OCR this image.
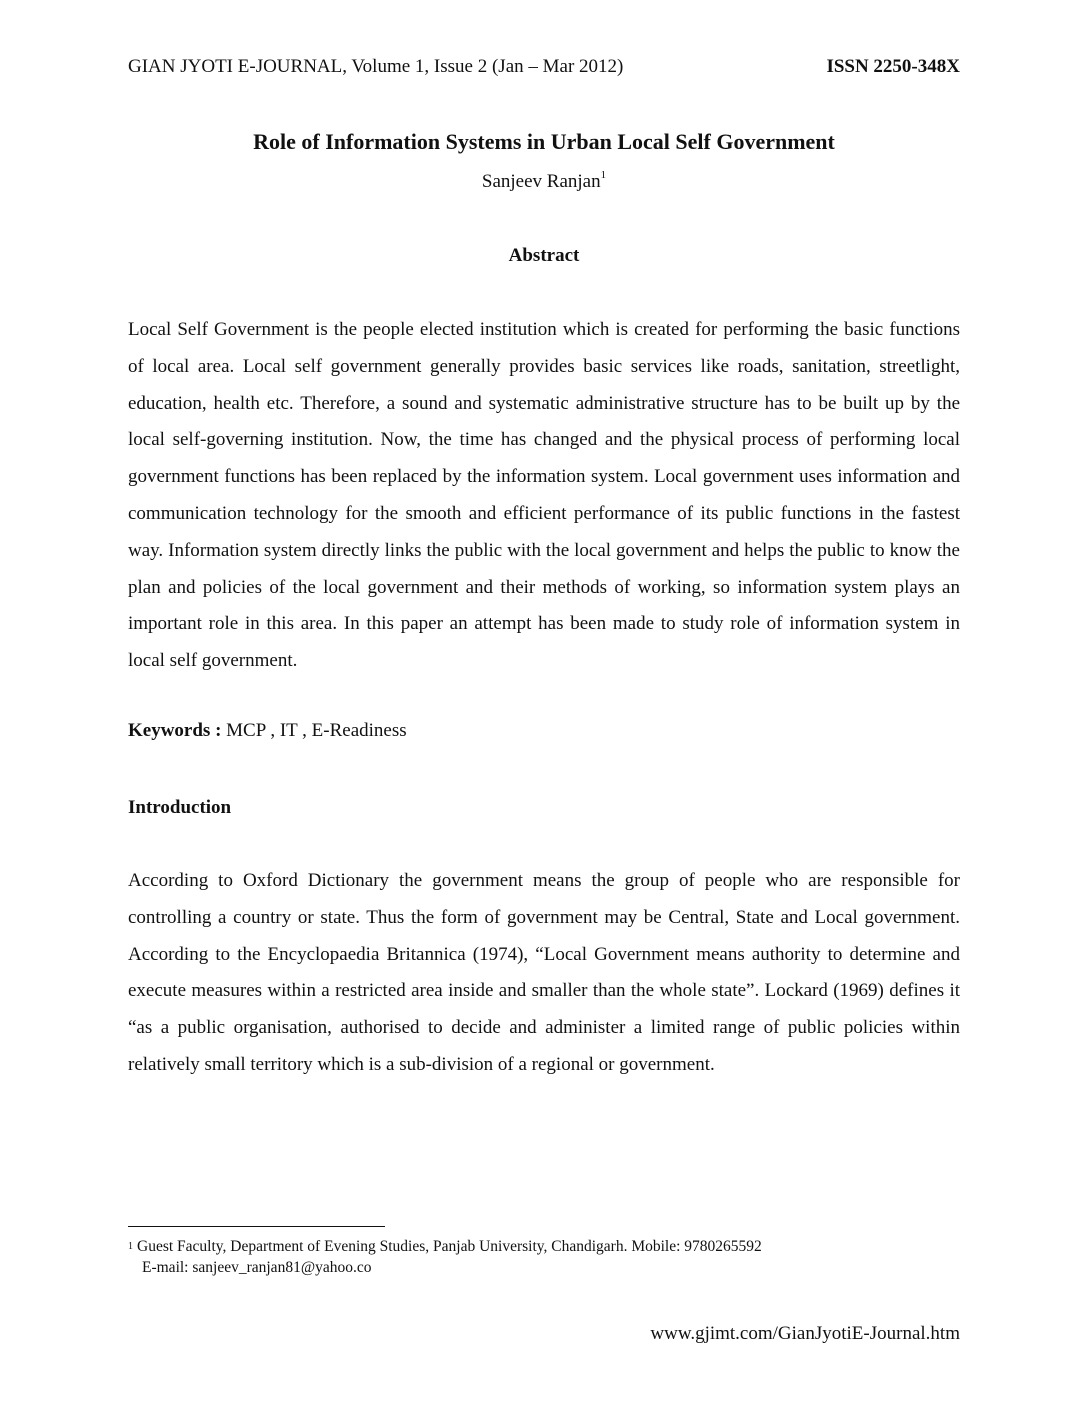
GIAN JYOTI E-JOURNAL, Volume 1, Issue 2 (Jan – Mar 2012)	ISSN 2250-348X
Role of Information Systems in Urban Local Self Government
Sanjeev Ranjan$^1$
Abstract

Local Self Government is the people elected institution which is created for performing the basic functions of local area. Local self government generally provides basic services like roads, sanitation, streetlight, education, health etc. Therefore, a sound and systematic administrative structure has to be built up by the local self-governing institution. Now, the time has changed and the physical process of performing local government functions has been replaced by the information system. Local government uses information and communication technology for the smooth and efficient performance of its public functions in the fastest way. Information system directly links the public with the local government and helps the public to know the plan and policies of the local government and their methods of working, so information system plays an important role in this area. In this paper an attempt has been made to study role of information system in local self government.

Keywords : MCP , IT , E-Readiness
Introduction

According to Oxford Dictionary the government means the group of people who are responsible for controlling a country or state. Thus the form of government may be Central, State and Local government. According to the Encyclopaedia Britannica (1974), “Local Government means authority to determine and execute measures within a restricted area inside and smaller than the whole state”. Lockard (1969) defines it “as a public organisation, authorised to decide and administer a limited range of public policies within relatively small territory which is a sub-division of a regional or government.

$^1$ Guest Faculty, Department of Evening Studies, Panjab University, Chandigarh. Mobile: 9780265592
E-mail: sanjeev_ranjan81@yahoo.co
www.gjimt.com/GianJyotiE-Journal.htm
